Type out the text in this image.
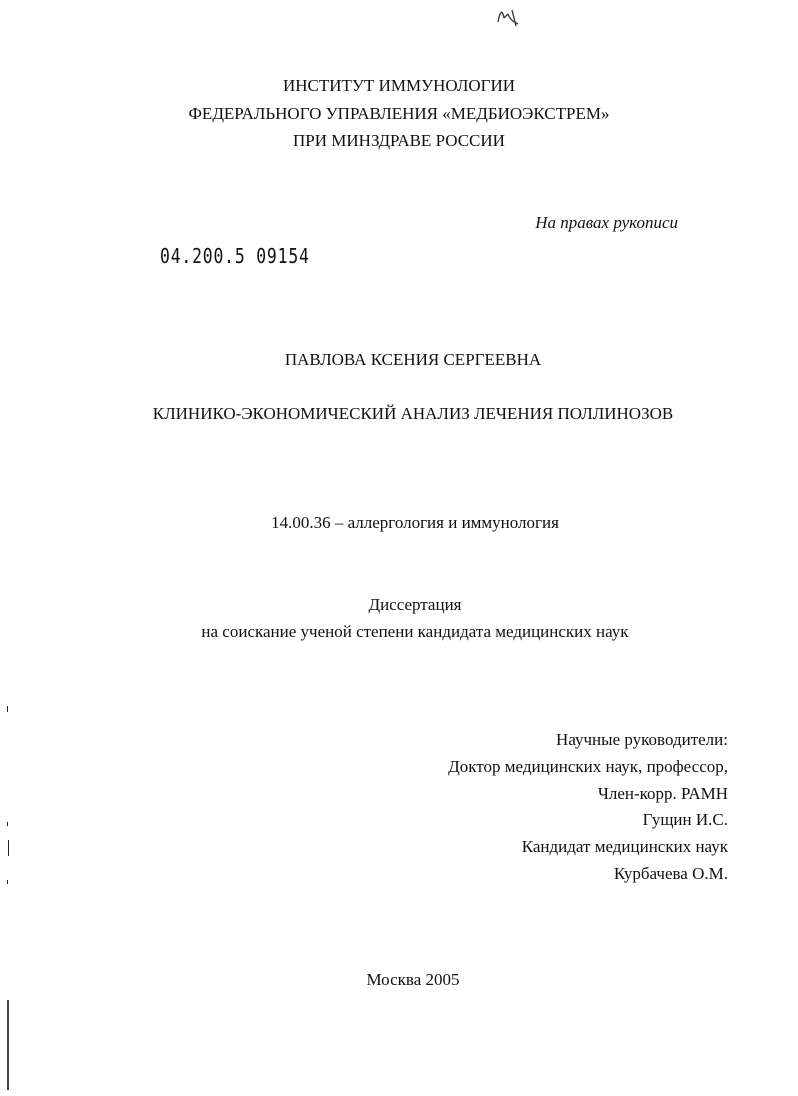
ИНСТИТУТ ИММУНОЛОГИИ
ФЕДЕРАЛЬНОГО УПРАВЛЕНИЯ «МЕДБИОЭКСТРЕМ»
ПРИ МИНЗДРАВЕ РОССИИ
На правах рукописи
04.200.5 09154
ПАВЛОВА КСЕНИЯ СЕРГЕЕВНА
КЛИНИКО-ЭКОНОМИЧЕСКИЙ АНАЛИЗ ЛЕЧЕНИЯ ПОЛЛИНОЗОВ
14.00.36 – аллергология и иммунология
Диссертация
на соискание ученой степени кандидата медицинских наук
Научные руководители:
Доктор медицинских наук, профессор,
Член-корр. РАМН
Гущин И.С.
Кандидат медицинских наук
Курбачева О.М.
Москва 2005
